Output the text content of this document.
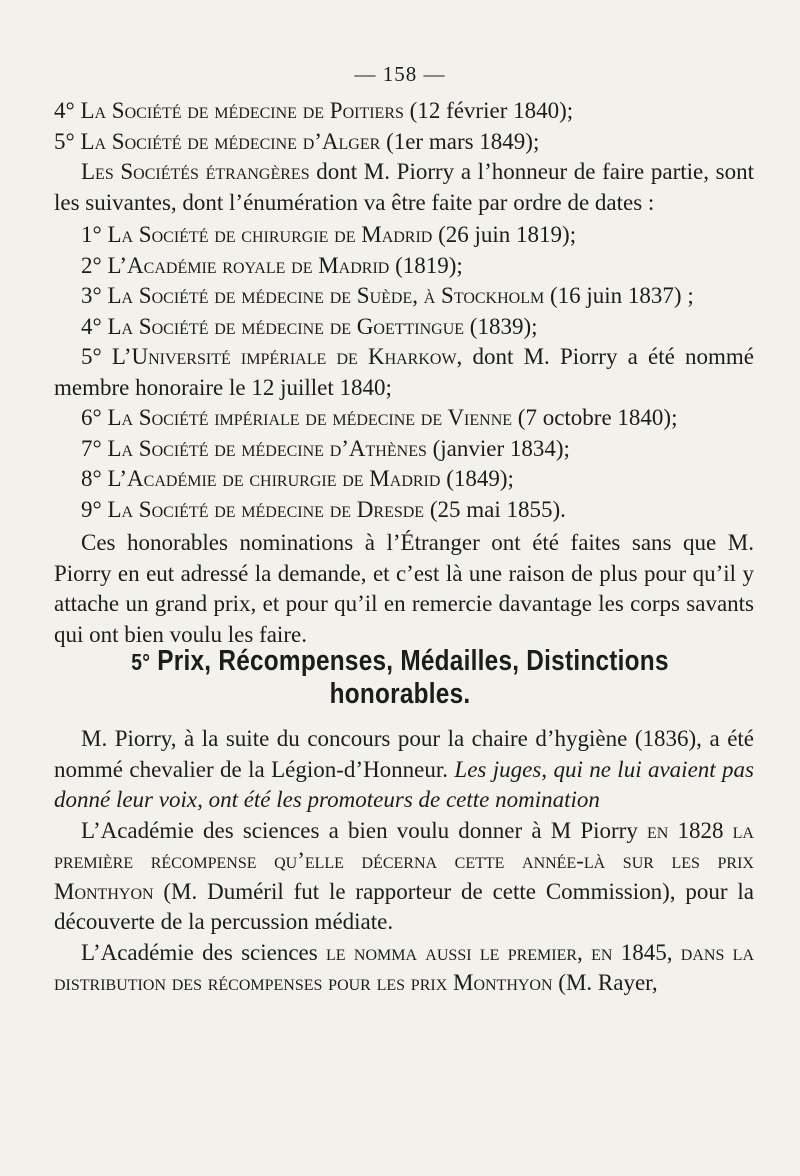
— 158 —

4° La Société de médecine de Poitiers (12 février 1840);

5° La Société de médecine d’Alger (1er mars 1849);

Les Sociétés étrangères dont M. Piorry a l’honneur de faire partie, sont les suivantes, dont l’énumération va être faite par ordre de dates :

1° La Société de chirurgie de Madrid (26 juin 1819);

2° L’Académie royale de Madrid (1819);

3° La Société de médecine de Suède, à Stockholm (16 juin 1837) ;

4° La Société de médecine de Goettingue (1839);

5° L’Université impériale de Kharkow, dont M. Piorry a été nommé membre honoraire le 12 juillet 1840;

6° La Société impériale de médecine de Vienne (7 octobre 1840);

7° La Société de médecine d’Athènes (janvier 1834);

8° L’Académie de chirurgie de Madrid (1849);

9° La Société de médecine de Dresde (25 mai 1855).

Ces honorables nominations à l’Étranger ont été faites sans que M. Piorry en eut adressé la demande, et c’est là une raison de plus pour qu’il y attache un grand prix, et pour qu’il en remercie davantage les corps savants qui ont bien voulu les faire.

5° Prix, Récompenses, Médailles, Distinctions honorables.

M. Piorry, à la suite du concours pour la chaire d’hygiène (1836), a été nommé chevalier de la Légion-d’Honneur. Les juges, qui ne lui avaient pas donné leur voix, ont été les promoteurs de cette nomination

L’Académie des sciences a bien voulu donner à M Piorry en 1828 la première récompense qu’elle décerna cette année-là sur les prix Monthyon (M. Duméril fut le rapporteur de cette Commission), pour la découverte de la percussion médiate.

L’Académie des sciences le nomma aussi le premier, en 1845, dans la distribution des récompenses pour les prix Monthyon (M. Rayer,
